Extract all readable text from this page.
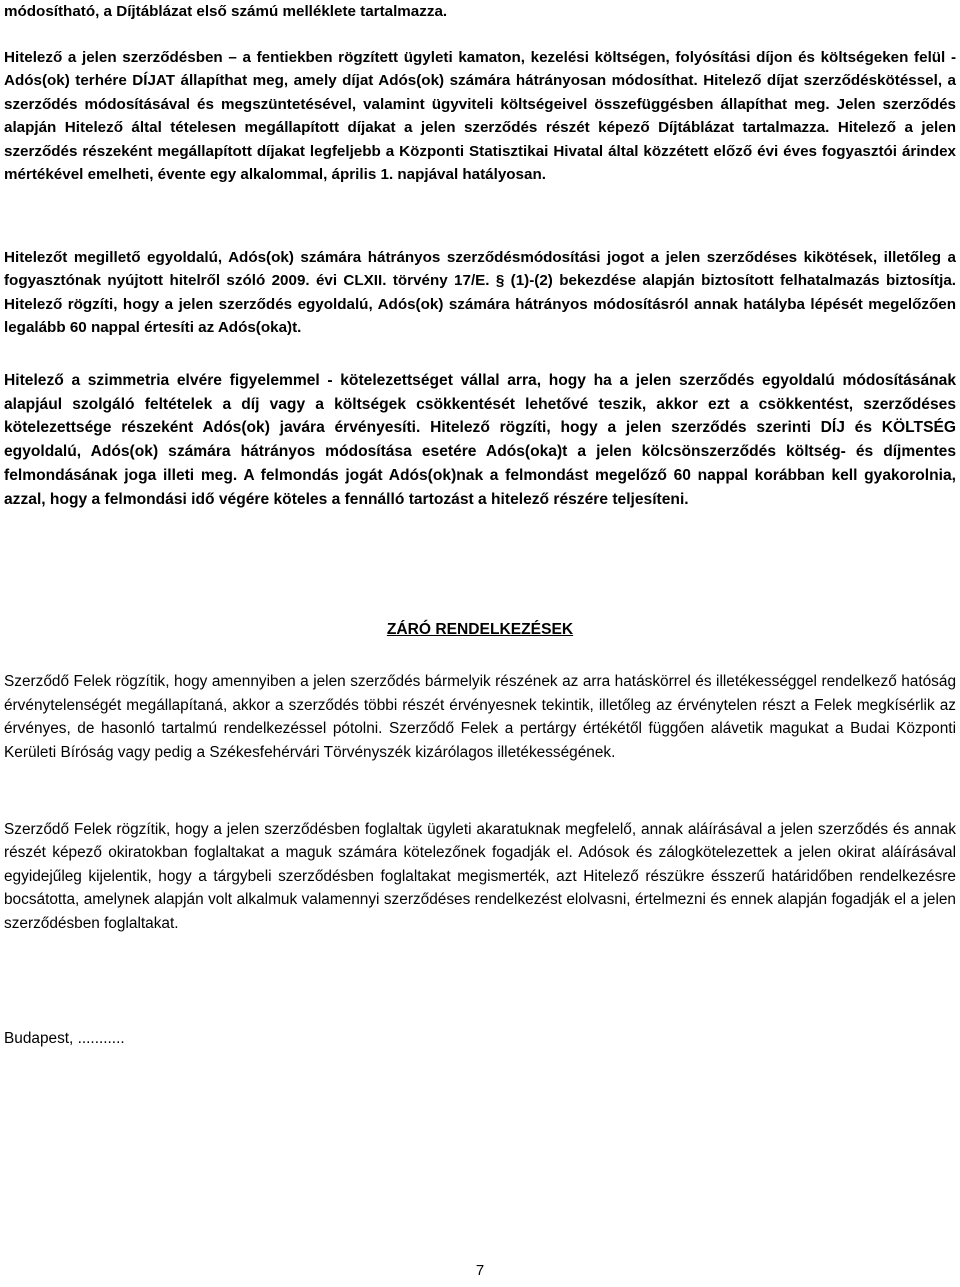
módosítható, a Díjtáblázat első számú melléklete tartalmazza.

Hitelező a jelen szerződésben – a fentiekben rögzített ügyleti kamaton, kezelési költségen, folyósítási díjon és költségeken felül - Adós(ok) terhére DÍJAT állapíthat meg, amely díjat Adós(ok) számára hátrányosan módosíthat. Hitelező díjat szerződéskötéssel, a szerződés módosításával és megszüntetésével, valamint ügyviteli költségeivel összefüggésben állapíthat meg. Jelen szerződés alapján Hitelező által tételesen megállapított díjakat a jelen szerződés részét képező Díjtáblázat tartalmazza. Hitelező a jelen szerződés részeként megállapított díjakat legfeljebb a Központi Statisztikai Hivatal által közzétett előző évi éves fogyasztói árindex mértékével emelheti, évente egy alkalommal, április 1. napjával hatályosan.

Hitelezőt megillető egyoldalú, Adós(ok) számára hátrányos szerződésmódosítási jogot a jelen szerződéses kikötések, illetőleg a fogyasztónak nyújtott hitelről szóló 2009. évi CLXII. törvény 17/E. § (1)-(2) bekezdése alapján biztosított felhatalmazás biztosítja. Hitelező rögzíti, hogy a jelen szerződés egyoldalú, Adós(ok) számára hátrányos módosításról annak hatályba lépését megelőzően legalább 60 nappal értesíti az Adós(oka)t.

Hitelező a szimmetria elvére figyelemmel - kötelezettséget vállal arra, hogy ha a jelen szerződés egyoldalú módosításának alapjául szolgáló feltételek a díj vagy a költségek csökkentését lehetővé teszik, akkor ezt a csökkentést, szerződéses kötelezettsége részeként Adós(ok) javára érvényesíti. Hitelező rögzíti, hogy a jelen szerződés szerinti DÍJ és KÖLTSÉG egyoldalú, Adós(ok) számára hátrányos módosítása esetére Adós(oka)t a jelen kölcsönszerződés költség- és díjmentes felmondásának joga illeti meg. A felmondás jogát Adós(ok)nak a felmondást megelőző 60 nappal korábban kell gyakorolnia, azzal, hogy a felmondási idő végére köteles a fennálló tartozást a hitelező részére teljesíteni.

ZÁRÓ RENDELKEZÉSEK

Szerződő Felek rögzítik, hogy amennyiben a jelen szerződés bármelyik részének az arra hatáskörrel és illetékességgel rendelkező hatóság érvénytelenségét megállapítaná, akkor a szerződés többi részét érvényesnek tekintik, illetőleg az érvénytelen részt a Felek megkísérlik az érvényes, de hasonló tartalmú rendelkezéssel pótolni. Szerződő Felek a pertárgy értékétől függően alávetik magukat a Budai Központi Kerületi Bíróság vagy pedig a Székesfehérvári Törvényszék kizárólagos illetékességének.

Szerződő Felek rögzítik, hogy a jelen szerződésben foglaltak ügyleti akaratuknak megfelelő, annak aláírásával a jelen szerződés és annak részét képező okiratokban foglaltakat a maguk számára kötelezőnek fogadják el. Adósok és zálogkötelezettek a jelen okirat aláírásával egyidejűleg kijelentik, hogy a tárgybeli szerződésben foglaltakat megismerték, azt Hitelező részükre ésszerű határidőben rendelkezésre bocsátotta, amelynek alapján volt alkalmuk valamennyi szerződéses rendelkezést elolvasni, értelmezni és ennek alapján fogadják el a jelen szerződésben foglaltakat.

Budapest, ...........

7
